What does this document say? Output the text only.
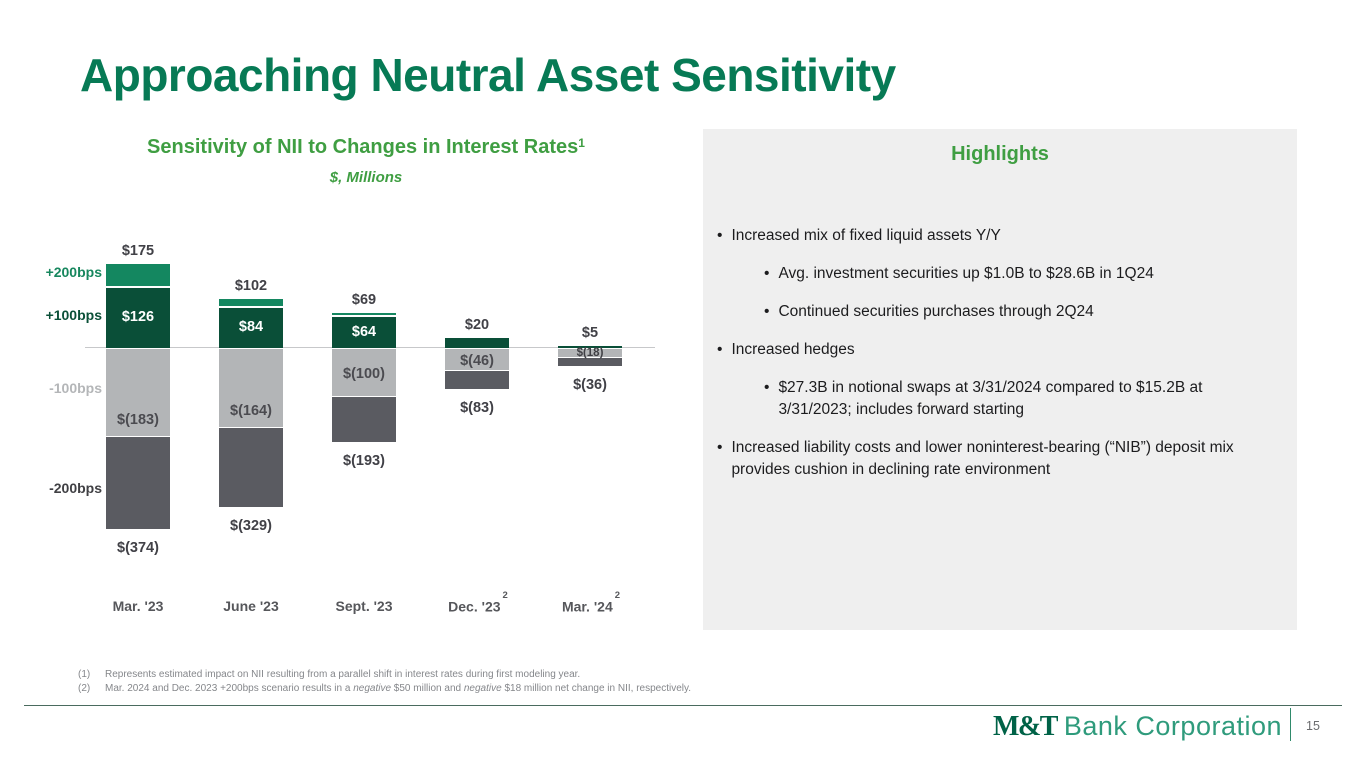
Approaching Neutral Asset Sensitivity
Sensitivity of NII to Changes in Interest Rates$^1$
$, Millions
+200bps
+100bps
-100bps
-200bps
$175
$126
$(183)
$(374)
Mar. '23
$102
$84
$(164)
$(329)
June '23
$69
$64
$(100)
$(193)
Sept. '23
$20
$(46)
$(83)
Dec. '$23^2$
$5
$(18)
$(36)
Mar. '$24^2$
Highlights
• Increased mix of fixed liquid assets Y/Y
• Avg. investment securities up $1.0B to $28.6B in 1Q24
• Continued securities purchases through 2Q24
• Increased hedges
• $27.3B in notional swaps at 3/31/2024 compared to $15.2B at 3/31/2023; includes forward starting
• Increased liability costs and lower noninterest-bearing (“NIB”) deposit mix provides cushion in declining rate environment
(1)	Represents estimated impact on NII resulting from a parallel shift in interest rates during first modeling year.
(2)	Mar. 2024 and Dec. 2023 +200bps scenario results in a negative $50 million and negative $18 million net change in NII, respectively.
M&T Bank Corporation 15
